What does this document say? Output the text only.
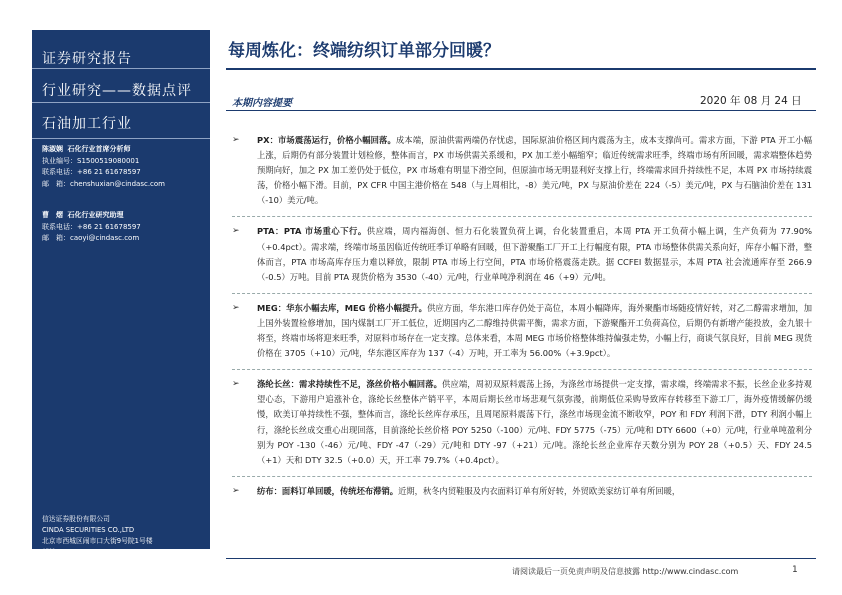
证券研究报告
行业研究——数据点评
石油加工行业
陈淑娴 石化行业首席分析师
执业编号：S1500519080001
联系电话：+86 21 61678597
邮　箱：chenshuxian@cindasc.com
曹　熠 石化行业研究助理
联系电话：+86 21 61678597
邮　箱：caoyi@cindasc.com
信达证券股份有限公司
CINDA SECURITIES CO.,LTD
北京市西城区闹市口大街9号院1号楼
邮编：100031
每周炼化：终端纺织订单部分回暖？
本期内容提要	2020 年 08 月 24 日
➢ PX：市场震荡运行，价格小幅回落。成本端，原油供需两端仍存忧虑，国际原油价格区间内震荡为主，成本支撑尚可。需求方面，下游 PTA 开工小幅上涨，后期仍有部分装置计划检修，整体而言，PX 市场供需关系缓和，PX 加工差小幅缩窄；临近传统需求旺季，终端市场有所回暖，需求端整体趋势预期向好，加之 PX 加工差仍处于低位，PX 市场难有明显下滑空间，但原油市场无明显利好支撑上行，终端需求回升持续性不足，本周 PX 市场持续震荡，价格小幅下滑。目前，PX CFR 中国主港价格在 548（与上周相比，-8）美元/吨，PX 与原油价差在 224（-5）美元/吨，PX 与石脑油价差在 131（-10）美元/吨。
➢ PTA：PTA 市场重心下行。供应端，周内福海创、恒力石化装置负荷上调，台化装置重启，本周 PTA 开工负荷小幅上调，生产负荷为 77.90%（+0.4pct）。需求端，终端市场虽因临近传统旺季订单略有回暖，但下游聚酯工厂开工上行幅度有限，PTA 市场整体供需关系向好，库存小幅下滑，整体而言，PTA 市场高库存压力难以释放，限制 PTA 市场上行空间，PTA 市场价格震荡走跌。据 CCFEI 数据显示，本周 PTA 社会流通库存至 266.9（-0.5）万吨。目前 PTA 现货价格为 3530（-40）元/吨，行业单吨净利润在 46（+9）元/吨。
➢ MEG：华东小幅去库，MEG 价格小幅提升。供应方面，华东港口库存仍处于高位，本周小幅降库，海外聚酯市场随疫情好转，对乙二醇需求增加，加上国外装置检修增加，国内煤制工厂开工低位，近期国内乙二醇维持供需平衡，需求方面，下游聚酯开工负荷高位，后期仍有新增产能投放，金九银十将至，终端市场将迎来旺季，对原料市场存在一定支撑。总体来看，本周 MEG 市场价格整体维持偏强走势，小幅上行，商谈气氛良好，目前 MEG 现货价格在 3705（+10）元/吨，华东港区库存为 137（-4）万吨，开工率为 56.00%（+3.9pct）。
➢ 涤纶长丝：需求持续性不足，涤丝价格小幅回落。供应端，周初双原料震荡上扬，为涤丝市场提供一定支撑，需求端，终端需求不振，长丝企业多持观望心态，下游用户追涨补仓，涤纶长丝整体产销平平，本周后期长丝市场悲观气氛弥漫，前期低位采购导致库存转移至下游工厂，海外疫情缓解仍缓慢，欧美订单持续性不强，整体而言，涤纶长丝库存承压，且周尾原料震荡下行，涤丝市场现金流不断收窄，POY 和 FDY 利润下滑，DTY 利润小幅上行，涤纶长丝成交重心出现回落，目前涤纶长丝价格 POY 5250（-100）元/吨、FDY 5775（-75）元/吨和 DTY 6600（+0）元/吨，行业单吨盈利分别为 POY -130（-46）元/吨、FDY -47（-29）元/吨和 DTY -97（+21）元/吨。涤纶长丝企业库存天数分别为 POY 28（+0.5）天、FDY 24.5（+1）天和 DTY 32.5（+0.0）天，开工率 79.7%（+0.4pct）。
➢ 纺布：面料订单回暖，传统坯布滞销。近期，秋冬内贸鞋服及内衣面料订单有所好转，外贸欧美家纺订单有所回暖，
请阅读最后一页免责声明及信息披露 http://www.cindasc.com	1
